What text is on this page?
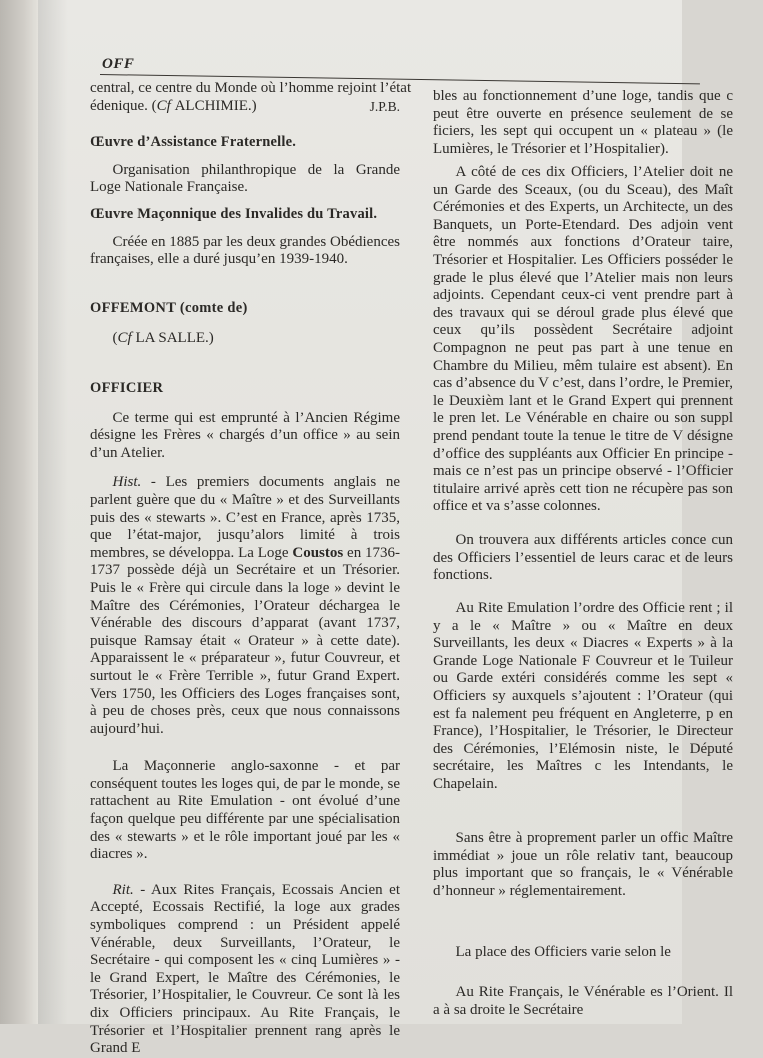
OFF
central, ce centre du Monde où l’homme rejoint l’état
édenique. (Cf ALCHIMIE.)	J.P.B.

Œuvre d’Assistance Fraternelle.

Organisation philanthropique de la Grande Loge Nationale Française.

Œuvre Maçonnique des Invalides du Travail.

Créée en 1885 par les deux grandes Obédiences françaises, elle a duré jusqu’en 1939-1940.

OFFEMONT (comte de)

(Cf LA SALLE.)

OFFICIER

Ce terme qui est emprunté à l’Ancien Régime désigne les Frères « chargés d’un office » au sein d’un Atelier.

Hist. - Les premiers documents anglais ne parlent guère que du « Maître » et des Surveillants puis des « stewarts ». C’est en France, après 1735, que l’état-major, jusqu’alors limité à trois membres, se développa. La Loge Coustos en 1736-1737 possède déjà un Secrétaire et un Trésorier. Puis le « Frère qui circule dans la loge » devint le Maître des Cérémonies, l’Orateur déchargea le Vénérable des discours d’apparat (avant 1737, puisque Ramsay était « Orateur » à cette date). Apparaissent le « préparateur », futur Couvreur, et surtout le « Frère Terrible », futur Grand Expert. Vers 1750, les Officiers des Loges françaises sont, à peu de choses près, ceux que nous connaissons aujourd’hui.

La Maçonnerie anglo-saxonne - et par conséquent toutes les loges qui, de par le monde, se rattachent au Rite Emulation - ont évolué d’une façon quelque peu différente par une spécialisation des « stewarts » et le rôle important joué par les « diacres ».

Rit. - Aux Rites Français, Ecossais Ancien et Accepté, Ecossais Rectifié, la loge aux grades symboliques comprend : un Président appelé Vénérable, deux Surveillants, l’Orateur, le Secrétaire - qui composent les « cinq Lumières » - le Grand Expert, le Maître des Cérémonies, le Trésorier, l’Hospitalier, le Couvreur. Ce sont là les dix Officiers principaux. Au Rite Français, le Trésorier et l’Hospitalier prennent rang après le Grand E

bles au fonctionnement d’une loge, tandis que c peut être ouverte en présence seulement de se ficiers, les sept qui occupent un « plateau » (le Lumières, le Trésorier et l’Hospitalier).

A côté de ces dix Officiers, l’Atelier doit ne un Garde des Sceaux, (ou du Sceau), des Maît Cérémonies et des Experts, un Architecte, un des Banquets, un Porte-Etendard. Des adjoin vent être nommés aux fonctions d’Orateur taire, Trésorier et Hospitalier. Les Officiers posséder le grade le plus élevé que l’Atelier mais non leurs adjoints. Cependant ceux-ci vent prendre part à des travaux qui se déroul grade plus élevé que ceux qu’ils possèdent Secrétaire adjoint Compagnon ne peut pas part à une tenue en Chambre du Milieu, mêm tulaire est absent). En cas d’absence du V c’est, dans l’ordre, le Premier, le Deuxièm lant et le Grand Expert qui prennent le pren let. Le Vénérable en chaire ou son suppl prend pendant toute la tenue le titre de V désigne d’office des suppléants aux Officier En principe - mais ce n’est pas un principe observé - l’Officier titulaire arrivé après cett tion ne récupère pas son office et va s’asse colonnes.

On trouvera aux différents articles conce cun des Officiers l’essentiel de leurs carac et de leurs fonctions.

Au Rite Emulation l’ordre des Officie rent ; il y a le « Maître » ou « Maître en deux Surveillants, les deux « Diacres « Experts » à la Grande Loge Nationale F Couvreur et le Tuileur ou Garde extéri considérés comme les sept « Officiers sy auxquels s’ajoutent : l’Orateur (qui est fa nalement peu fréquent en Angleterre, p en France), l’Hospitalier, le Trésorier, le Directeur des Cérémonies, l’Elémosin niste, le Député secrétaire, les Maîtres c les Intendants, le Chapelain.

Sans être à proprement parler un offic Maître immédiat » joue un rôle relativ tant, beaucoup plus important que so français, le « Vénérable d’honneur » réglementairement.

La place des Officiers varie selon le

Au Rite Français, le Vénérable es l’Orient. Il a à sa droite le Secrétaire
